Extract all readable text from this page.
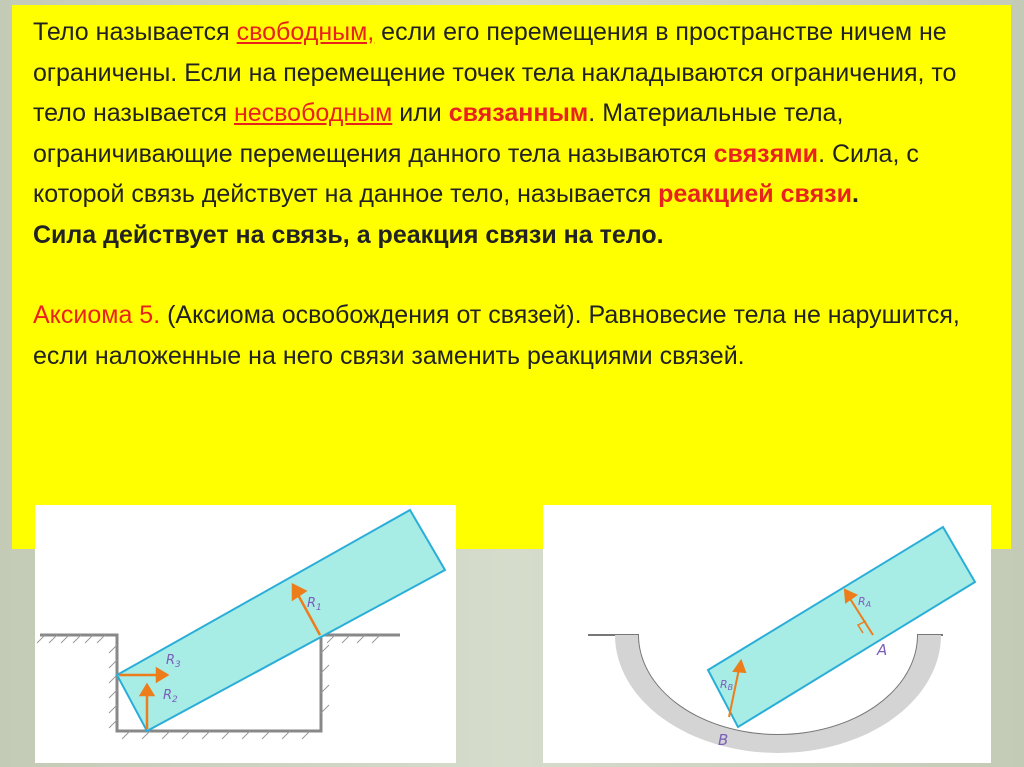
Тело называется свободным, если его перемещения в пространстве ничем не ограничены. Если на перемещение точек тела накладываются ограничения, то тело называется несвободным или связанным. Материальные тела, ограничивающие перемещения данного тела называются связями. Сила, с которой связь действует на данное тело, называется реакцией связи.
Сила действует на связь, а реакция связи на тело.
Аксиома 5. (Аксиома освобождения от связей). Равновесие тела не нарушится, если наложенные на него связи заменить реакциями связей.
$R_1$
$R_3$
$R_2$
RA
RB
A
B
